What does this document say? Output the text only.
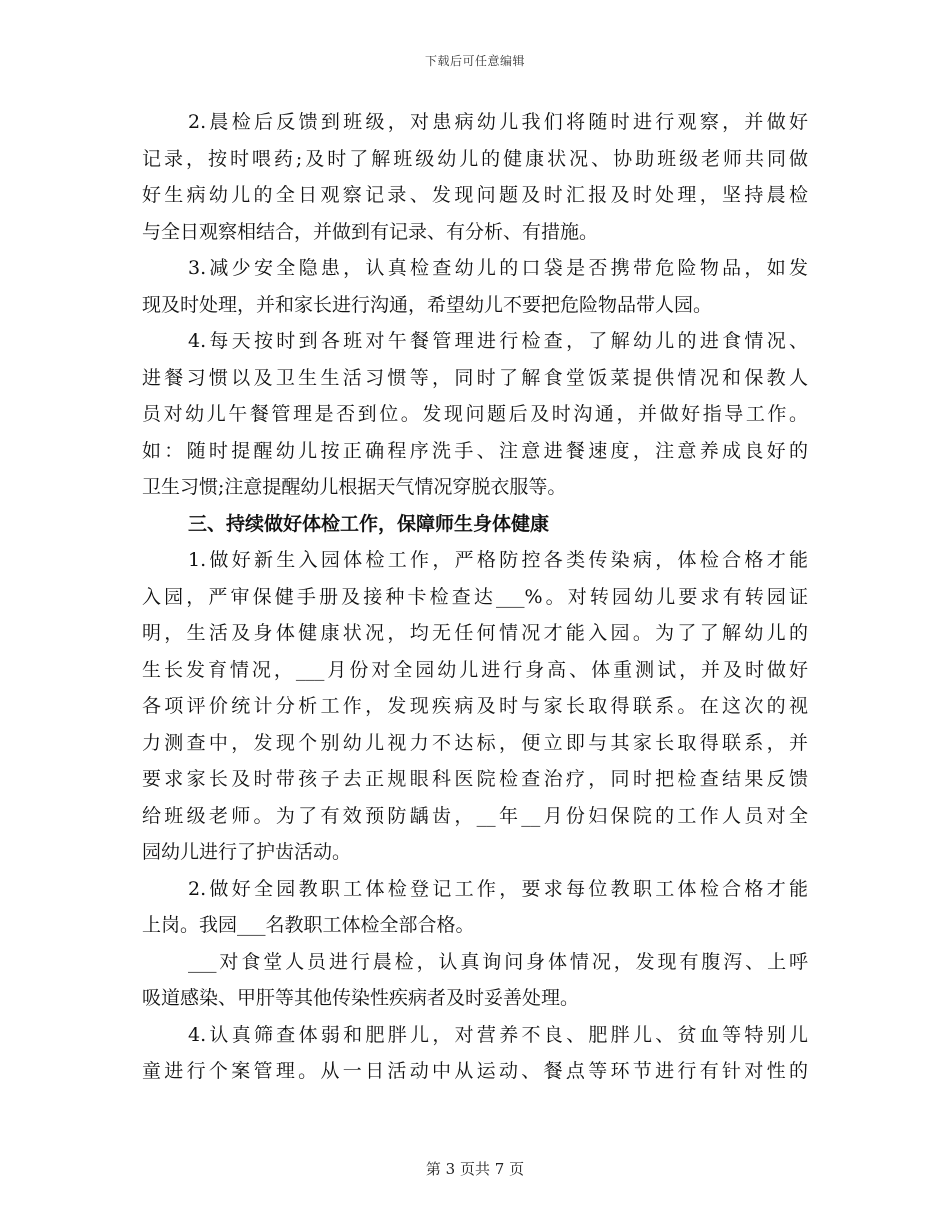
下载后可任意编辑
2.晨检后反馈到班级，对患病幼儿我们将随时进行观察，并做好
记录，按时喂药;及时了解班级幼儿的健康状况、协助班级老师共同做
好生病幼儿的全日观察记录、发现问题及时汇报及时处理，坚持晨检
与全日观察相结合，并做到有记录、有分析、有措施。
3.减少安全隐患，认真检查幼儿的口袋是否携带危险物品，如发
现及时处理，并和家长进行沟通，希望幼儿不要把危险物品带人园。
4.每天按时到各班对午餐管理进行检查，了解幼儿的进食情况、
进餐习惯以及卫生生活习惯等，同时了解食堂饭菜提供情况和保教人
员对幼儿午餐管理是否到位。发现问题后及时沟通，并做好指导工作。
如：随时提醒幼儿按正确程序洗手、注意进餐速度，注意养成良好的
卫生习惯;注意提醒幼儿根据天气情况穿脱衣服等。
三、持续做好体检工作，保障师生身体健康
1.做好新生入园体检工作，严格防控各类传染病，体检合格才能
入园，严审保健手册及接种卡检查达___%。对转园幼儿要求有转园证
明，生活及身体健康状况，均无任何情况才能入园。为了了解幼儿的
生长发育情况，___月份对全园幼儿进行身高、体重测试，并及时做好
各项评价统计分析工作，发现疾病及时与家长取得联系。在这次的视
力测查中，发现个别幼儿视力不达标，便立即与其家长取得联系，并
要求家长及时带孩子去正规眼科医院检查治疗，同时把检查结果反馈
给班级老师。为了有效预防龋齿，__年__月份妇保院的工作人员对全
园幼儿进行了护齿活动。
2.做好全园教职工体检登记工作，要求每位教职工体检合格才能
上岗。我园___名教职工体检全部合格。
___对食堂人员进行晨检，认真询问身体情况，发现有腹泻、上呼
吸道感染、甲肝等其他传染性疾病者及时妥善处理。
4.认真筛查体弱和肥胖儿，对营养不良、肥胖儿、贫血等特别儿
童进行个案管理。从一日活动中从运动、餐点等环节进行有针对性的
第 3 页共 7 页
